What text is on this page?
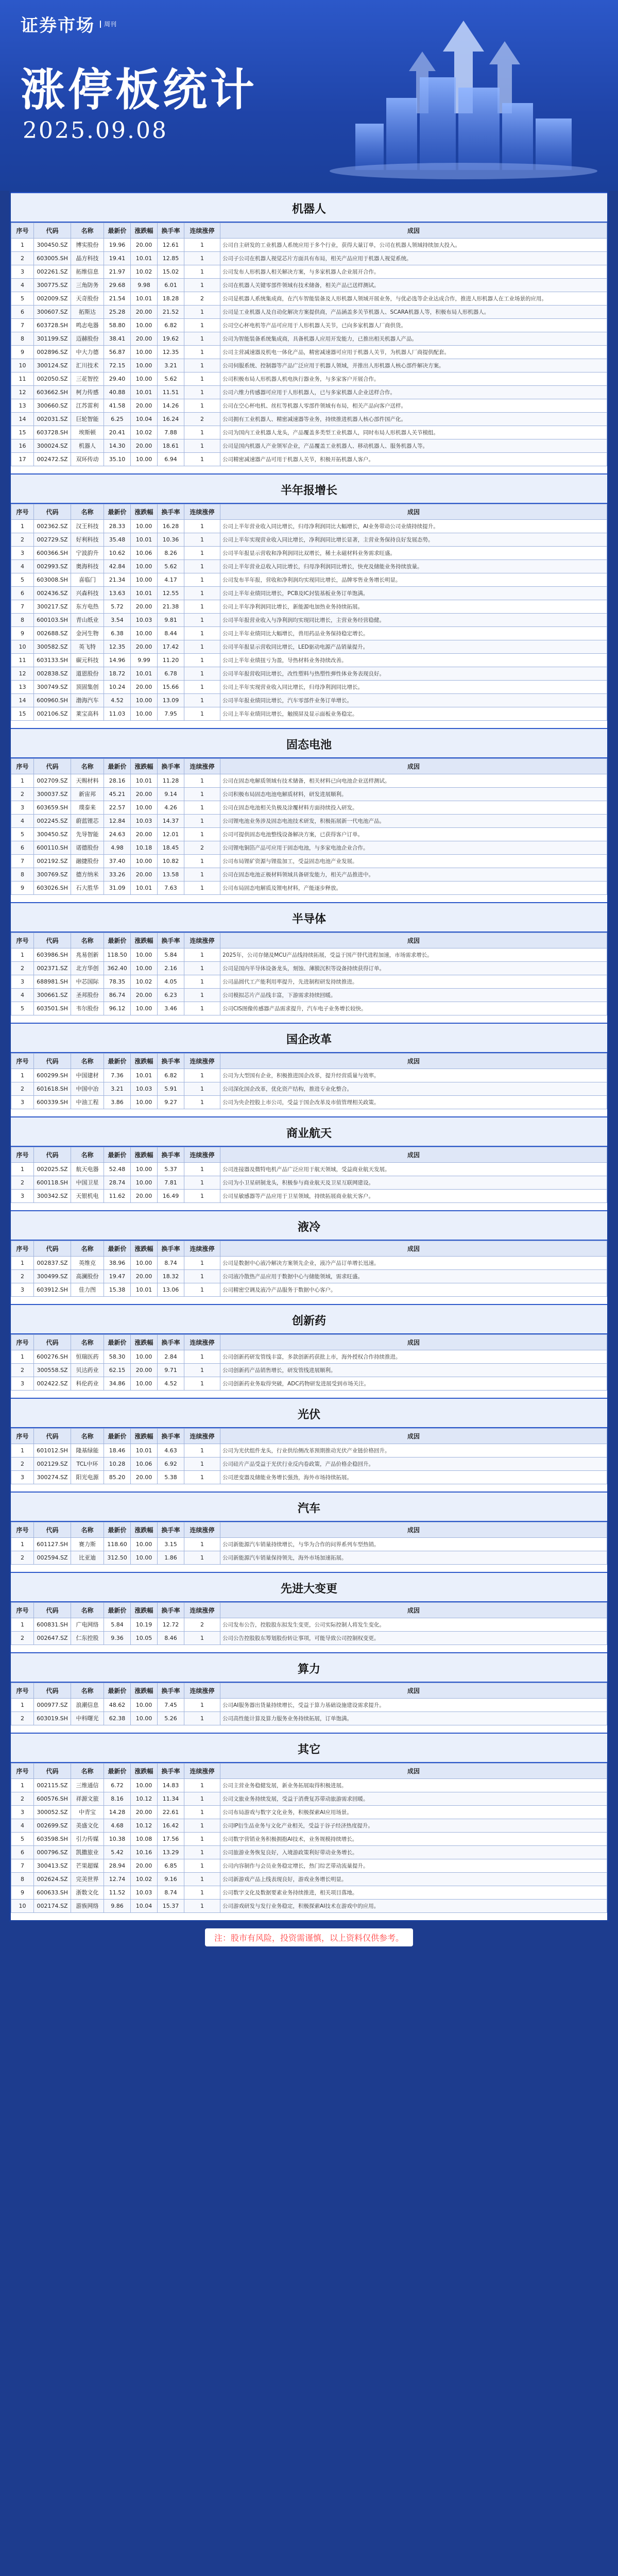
证券市场	周刊
涨停板统计
2025.09.08
机器人
序号	代码	名称	最新价	涨跌幅	换手率	连续涨停	成因
1	300450.SZ	博实股份	19.96	20.00	12.61	1	公司自主研发的工业机器人系统应用于多个行业，获得大量订单，公司在机器人领域持续加大投入。
2	603005.SH	晶方科技	19.41	10.01	12.85	1	公司子公司在机器人视觉芯片方面具有布局，相关产品应用于机器人视觉系统。
3	002261.SZ	拓维信息	21.97	10.02	15.02	1	公司发布人形机器人相关解决方案，与多家机器人企业展开合作。
4	300775.SZ	三角防务	29.68	9.98	6.01	1	公司在机器人关键零部件领域有技术储备，相关产品已送样测试。
5	002009.SZ	天奇股份	21.54	10.01	18.28	2	公司是机器人系统集成商，在汽车智能装备及人形机器人领域开展业务，与优必选等企业达成合作，推进人形机器人在工业场景的应用。
6	300607.SZ	拓斯达	25.28	20.00	21.52	1	公司是工业机器人及自动化解决方案提供商，产品涵盖多关节机器人、SCARA机器人等，积极布局人形机器人。
7	603728.SH	鸣志电器	58.80	10.00	6.82	1	公司空心杯电机等产品可应用于人形机器人关节，已向多家机器人厂商供货。
8	301199.SZ	迈赫股份	38.41	20.00	19.62	1	公司为智能装备系统集成商，具备机器人应用开发能力，已推出相关机器人产品。
9	002896.SZ	中大力德	56.87	10.00	12.35	1	公司主营减速器及机电一体化产品，精密减速器可应用于机器人关节，为机器人厂商提供配套。
10	300124.SZ	汇川技术	72.15	10.00	3.21	1	公司伺服系统、控制器等产品广泛应用于机器人领域，并推出人形机器人核心部件解决方案。
11	002050.SZ	三花智控	29.40	10.00	5.62	1	公司积极布局人形机器人机电执行器业务，与多家客户开展合作。
12	603662.SH	柯力传感	40.88	10.01	11.51	1	公司六维力传感器可应用于人形机器人，已与多家机器人企业送样合作。
13	300660.SZ	江苏雷利	41.58	20.00	14.26	1	公司在空心杯电机、丝杠等机器人零部件领域有布局，相关产品向客户送样。
14	002031.SZ	巨轮智能	6.25	10.04	16.24	2	公司拥有工业机器人、精密减速器等业务，持续推进机器人核心部件国产化。
15	603728.SH	埃斯顿	20.41	10.02	7.88	1	公司为国内工业机器人龙头，产品覆盖多类型工业机器人，同时布局人形机器人关节模组。
16	300024.SZ	机器人	14.30	20.00	18.61	1	公司是国内机器人产业领军企业，产品覆盖工业机器人、移动机器人、服务机器人等。
17	002472.SZ	双环传动	35.10	10.00	6.94	1	公司精密减速器产品可用于机器人关节，积极开拓机器人客户。
半年报增长
序号	代码	名称	最新价	涨跌幅	换手率	连续涨停	成因
1	002362.SZ	汉王科技	28.33	10.00	16.28	1	公司上半年营业收入同比增长，归母净利润同比大幅增长，AI业务带动公司业绩持续提升。
2	002729.SZ	好利科技	35.48	10.01	10.36	1	公司上半年实现营业收入同比增长，净利润同比增长显著，主营业务保持良好发展态势。
3	600366.SH	宁波韵升	10.62	10.06	8.26	1	公司半年报显示营收和净利润同比双增长，稀土永磁材料业务需求旺盛。
4	002993.SZ	奥海科技	42.84	10.00	5.62	1	公司上半年营业总收入同比增长，归母净利润同比增长，快充及储能业务持续放量。
5	603008.SH	喜临门	21.34	10.00	4.17	1	公司发布半年报，营收和净利润均实现同比增长，品牌零售业务增长明显。
6	002436.SZ	兴森科技	13.63	10.01	12.55	1	公司上半年业绩同比增长，PCB及IC封装基板业务订单饱满。
7	300217.SZ	东方电热	5.72	20.00	21.38	1	公司上半年净利润同比增长，新能源电加热业务持续拓展。
8	600103.SH	青山纸业	3.54	10.03	9.81	1	公司半年报营业收入与净利润均实现同比增长，主营业务经营稳健。
9	002688.SZ	金河生物	6.38	10.00	8.44	1	公司上半年业绩同比大幅增长，兽用药品业务保持稳定增长。
10	300582.SZ	英飞特	12.35	20.00	17.42	1	公司半年报显示营收同比增长，LED驱动电源产品销量提升。
11	603133.SH	碳元科技	14.96	9.99	11.20	1	公司上半年业绩扭亏为盈，导热材料业务持续改善。
12	002838.SZ	道恩股份	18.72	10.01	6.78	1	公司半年报营收同比增长，改性塑料与热塑性弹性体业务表现良好。
13	300749.SZ	顶固集创	10.24	20.00	15.66	1	公司上半年实现营业收入同比增长，归母净利润同比增长。
14	600960.SH	渤海汽车	4.52	10.00	13.09	1	公司半年报业绩同比增长，汽车零部件业务订单增长。
15	002106.SZ	莱宝高科	11.03	10.00	7.95	1	公司上半年业绩同比增长，触摸屏及显示面板业务稳定。
固态电池
序号	代码	名称	最新价	涨跌幅	换手率	连续涨停	成因
1	002709.SZ	天赐材料	28.16	10.01	11.28	1	公司在固态电解质领域有技术储备，相关材料已向电池企业送样测试。
2	300037.SZ	新宙邦	45.21	20.00	9.14	1	公司积极布局固态电池电解质材料，研发进展顺利。
3	603659.SH	璞泰来	22.57	10.00	4.26	1	公司在固态电池相关负极及涂覆材料方面持续投入研发。
4	002245.SZ	蔚蓝锂芯	12.84	10.03	14.37	1	公司锂电池业务涉及固态电池技术研发，积极拓展新一代电池产品。
5	300450.SZ	先导智能	24.63	20.00	12.01	1	公司可提供固态电池整线设备解决方案，已获得客户订单。
6	600110.SH	诺德股份	4.98	10.18	18.45	2	公司锂电铜箔产品可应用于固态电池，与多家电池企业合作。
7	002192.SZ	融捷股份	37.40	10.00	10.82	1	公司布局锂矿资源与锂盐加工，受益固态电池产业发展。
8	300769.SZ	德方纳米	33.26	20.00	13.58	1	公司在固态电池正极材料领域具备研发能力，相关产品推进中。
9	603026.SH	石大胜华	31.09	10.01	7.63	1	公司布局固态电解质及锂电材料，产能逐步释放。
半导体
序号	代码	名称	最新价	涨跌幅	换手率	连续涨停	成因
1	603986.SH	兆易创新	118.50	10.00	5.84	1	2025年，公司存储及MCU产品线持续拓展，受益于国产替代进程加速，市场需求增长。
2	002371.SZ	北方华创	362.40	10.00	2.16	1	公司是国内半导体设备龙头，刻蚀、薄膜沉积等设备持续获得订单。
3	688981.SH	中芯国际	78.35	10.02	4.05	1	公司晶圆代工产能利用率提升，先进制程研发持续推进。
4	300661.SZ	圣邦股份	86.74	20.00	6.23	1	公司模拟芯片产品线丰富，下游需求持续回暖。
5	603501.SH	韦尔股份	96.12	10.00	3.46	1	公司CIS图像传感器产品需求提升，汽车电子业务增长较快。
国企改革
序号	代码	名称	最新价	涨跌幅	换手率	连续涨停	成因
1	600299.SH	中国建材	7.36	10.01	6.82	1	公司为大型国有企业，积极推进国企改革，提升经营质量与效率。
2	601618.SH	中国中冶	3.21	10.03	5.91	1	公司深化国企改革，优化资产结构，推进专业化整合。
3	600339.SH	中油工程	3.86	10.00	9.27	1	公司为央企控股上市公司，受益于国企改革及市值管理相关政策。
商业航天
序号	代码	名称	最新价	涨跌幅	换手率	连续涨停	成因
1	002025.SZ	航天电器	52.48	10.00	5.37	1	公司连接器及微特电机产品广泛应用于航天领域，受益商业航天发展。
2	600118.SH	中国卫星	28.74	10.00	7.81	1	公司为小卫星研制龙头，积极参与商业航天及卫星互联网建设。
3	300342.SZ	天银机电	11.62	20.00	16.49	1	公司星敏感器等产品应用于卫星领域，持续拓展商业航天客户。
液冷
序号	代码	名称	最新价	涨跌幅	换手率	连续涨停	成因
1	002837.SZ	英维克	38.96	10.00	8.74	1	公司是数据中心液冷解决方案领先企业，液冷产品订单增长迅速。
2	300499.SZ	高澜股份	19.47	20.00	18.32	1	公司液冷散热产品应用于数据中心与储能领域，需求旺盛。
3	603912.SH	佳力图	15.38	10.01	13.06	1	公司精密空调及液冷产品服务于数据中心客户。
创新药
序号	代码	名称	最新价	涨跌幅	换手率	连续涨停	成因
1	600276.SH	恒瑞医药	58.30	10.00	2.84	1	公司创新药研发管线丰富，多款创新药获批上市，海外授权合作持续推进。
2	300558.SZ	贝达药业	62.15	20.00	9.71	1	公司创新药产品销售增长，研发管线进展顺利。
3	002422.SZ	科伦药业	34.86	10.00	4.52	1	公司创新药业务取得突破，ADC药物研发进展受到市场关注。
光伏
序号	代码	名称	最新价	涨跌幅	换手率	连续涨停	成因
1	601012.SH	隆基绿能	18.46	10.01	4.63	1	公司为光伏组件龙头，行业供给侧改革预期推动光伏产业链价格回升。
2	002129.SZ	TCL中环	10.28	10.06	6.92	1	公司硅片产品受益于光伏行业反内卷政策，产品价格企稳回升。
3	300274.SZ	阳光电源	85.20	20.00	5.38	1	公司逆变器及储能业务增长强劲，海外市场持续拓展。
汽车
序号	代码	名称	最新价	涨跌幅	换手率	连续涨停	成因
1	601127.SH	赛力斯	118.60	10.00	3.15	1	公司新能源汽车销量持续增长，与华为合作的问界系列车型热销。
2	002594.SZ	比亚迪	312.50	10.00	1.86	1	公司新能源汽车销量保持领先，海外市场加速拓展。
先进大变更
序号	代码	名称	最新价	涨跌幅	换手率	连续涨停	成因
1	600831.SH	广电网络	5.84	10.19	12.72	2	公司发布公告，控股股东拟发生变更，公司实际控制人将发生变化。
2	002647.SZ	仁东控股	9.36	10.05	8.46	1	公司公告控股股东筹划股份转让事项，可能导致公司控制权变更。
算力
序号	代码	名称	最新价	涨跌幅	换手率	连续涨停	成因
1	000977.SZ	浪潮信息	48.62	10.00	7.45	1	公司AI服务器出货量持续增长，受益于算力基础设施建设需求提升。
2	603019.SH	中科曙光	62.38	10.00	5.26	1	公司高性能计算及算力服务业务持续拓展，订单饱满。
其它
序号	代码	名称	最新价	涨跌幅	换手率	连续涨停	成因
1	002115.SZ	三维通信	6.72	10.00	14.83	1	公司主营业务稳健发展，新业务拓展取得积极进展。
2	600576.SH	祥源文旅	8.16	10.12	11.34	1	公司文旅业务持续发展，受益于消费复苏带动旅游需求回暖。
3	300052.SZ	中青宝	14.28	20.00	22.61	1	公司布局游戏与数字文化业务，积极探索AI应用场景。
4	002699.SZ	美盛文化	4.68	10.12	16.42	1	公司IP衍生品业务与文化产业相关，受益于谷子经济热度提升。
5	603598.SH	引力传媒	10.38	10.08	17.56	1	公司数字营销业务积极拥抱AI技术，业务规模持续增长。
6	000796.SZ	凯撒旅业	5.42	10.16	13.29	1	公司旅游业务恢复良好，入境游政策利好带动业务增长。
7	300413.SZ	芒果超媒	28.94	20.00	6.85	1	公司内容制作与会员业务稳定增长，热门综艺带动流量提升。
8	002624.SZ	完美世界	12.74	10.02	9.16	1	公司新游戏产品上线表现良好，游戏业务增长明显。
9	600633.SH	浙数文化	11.52	10.03	8.74	1	公司数字文化及数据要素业务持续推进，相关项目落地。
10	002174.SZ	游族网络	9.86	10.04	15.37	1	公司游戏研发与发行业务稳定，积极探索AI技术在游戏中的应用。
注：股市有风险，投资需谨慎，以上资料仅供参考。
